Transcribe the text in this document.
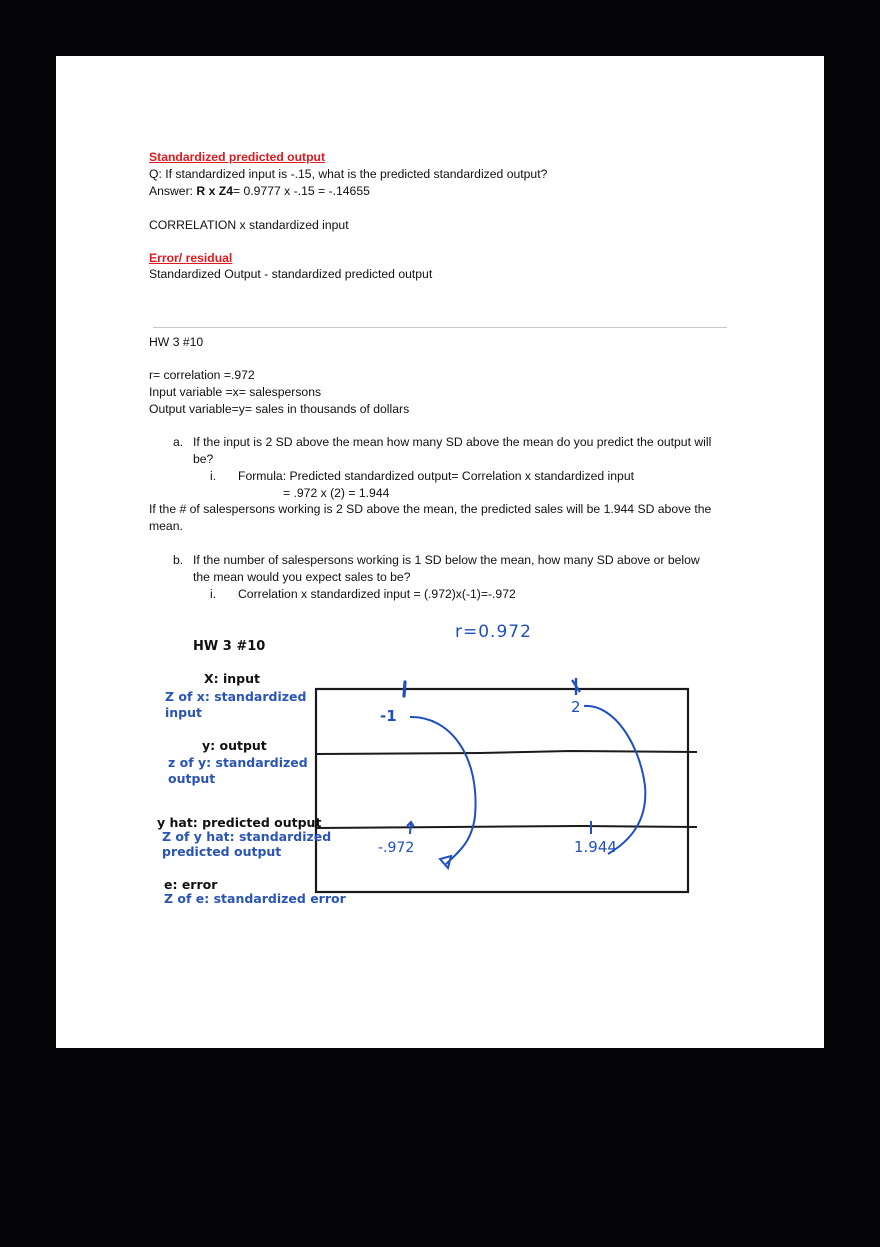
Standardized predicted output
Q: If standardized input is -.15, what is the predicted standardized output?
Answer: R x Z4= 0.9777 x -.15 = -.14655
CORRELATION x standardized input
Error/ residual
Standardized Output - standardized predicted output
HW 3 #10
r= correlation =.972
Input variable =x= salespersons
Output variable=y= sales in thousands of dollars
a. If the input is 2 SD above the mean how many SD above the mean do you predict the output will
be?
i. Formula: Predicted standardized output= Correlation x standardized input
= .972 x (2) = 1.944
If the # of salespersons working is 2 SD above the mean, the predicted sales will be 1.944 SD above the
mean.
b. If the number of salespersons working is 1 SD below the mean, how many SD above or below
the mean would you expect sales to be?
i. Correlation x standardized input = (.972)x(-1)=-.972
HW 3 #10
r=0.972
X: input
Z of x: standardized
input
y: output
z of y: standardized
output
y hat: predicted output
Z of y hat: standardized
predicted output
e: error
Z of e: standardized error
-1	2
-.972	1.944
